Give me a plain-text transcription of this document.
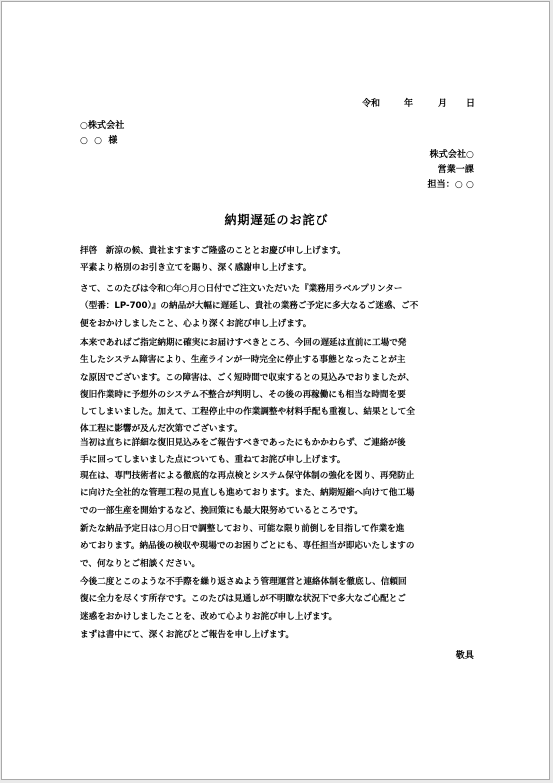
令和	年	月 日
○株式会社
○ ○ 様
株式会社○
営業一課
担当：○ ○
納期遅延のお詫び
拝啓　新涼の候、貴社ますますご隆盛のこととお慶び申し上げます。
平素より格別のお引き立てを賜り、深く感謝申し上げます。
さて、このたびは令和○年○月○日付でご注文いただいた『業務用ラベルプリンター
（型番：LP-700）』の納品が大幅に遅延し、貴社の業務ご予定に多大なるご迷惑、ご不
便をおかけしましたこと、心より深くお詫び申し上げます。
本来であればご指定納期に確実にお届けすべきところ、今回の遅延は直前に工場で発
生したシステム障害により、生産ラインが一時完全に停止する事態となったことが主
な原因でございます。この障害は、ごく短時間で収束するとの見込みでおりましたが、
復旧作業時に予想外のシステム不整合が判明し、その後の再稼働にも相当な時間を要
してしまいました。加えて、工程停止中の作業調整や材料手配も重複し、結果として全
体工程に影響が及んだ次第でございます。
当初は直ちに詳細な復旧見込みをご報告すべきであったにもかかわらず、ご連絡が後
手に回ってしまいました点についても、重ねてお詫び申し上げます。
現在は、専門技術者による徹底的な再点検とシステム保守体制の強化を図り、再発防止
に向けた全社的な管理工程の見直しも進めております。また、納期短縮へ向けて他工場
での一部生産を開始するなど、挽回策にも最大限努めているところです。
新たな納品予定日は○月○日で調整しており、可能な限り前倒しを目指して作業を進
めております。納品後の検収や現場でのお困りごとにも、専任担当が即応いたしますの
で、何なりとご相談ください。
今後二度とこのような不手際を繰り返さぬよう管理運営と連絡体制を徹底し、信頼回
復に全力を尽くす所存です。このたびは見通しが不明瞭な状況下で多大なご心配とご
迷惑をおかけしましたことを、改めて心よりお詫び申し上げます。
まずは書中にて、深くお詫びとご報告を申し上げます。
敬具
